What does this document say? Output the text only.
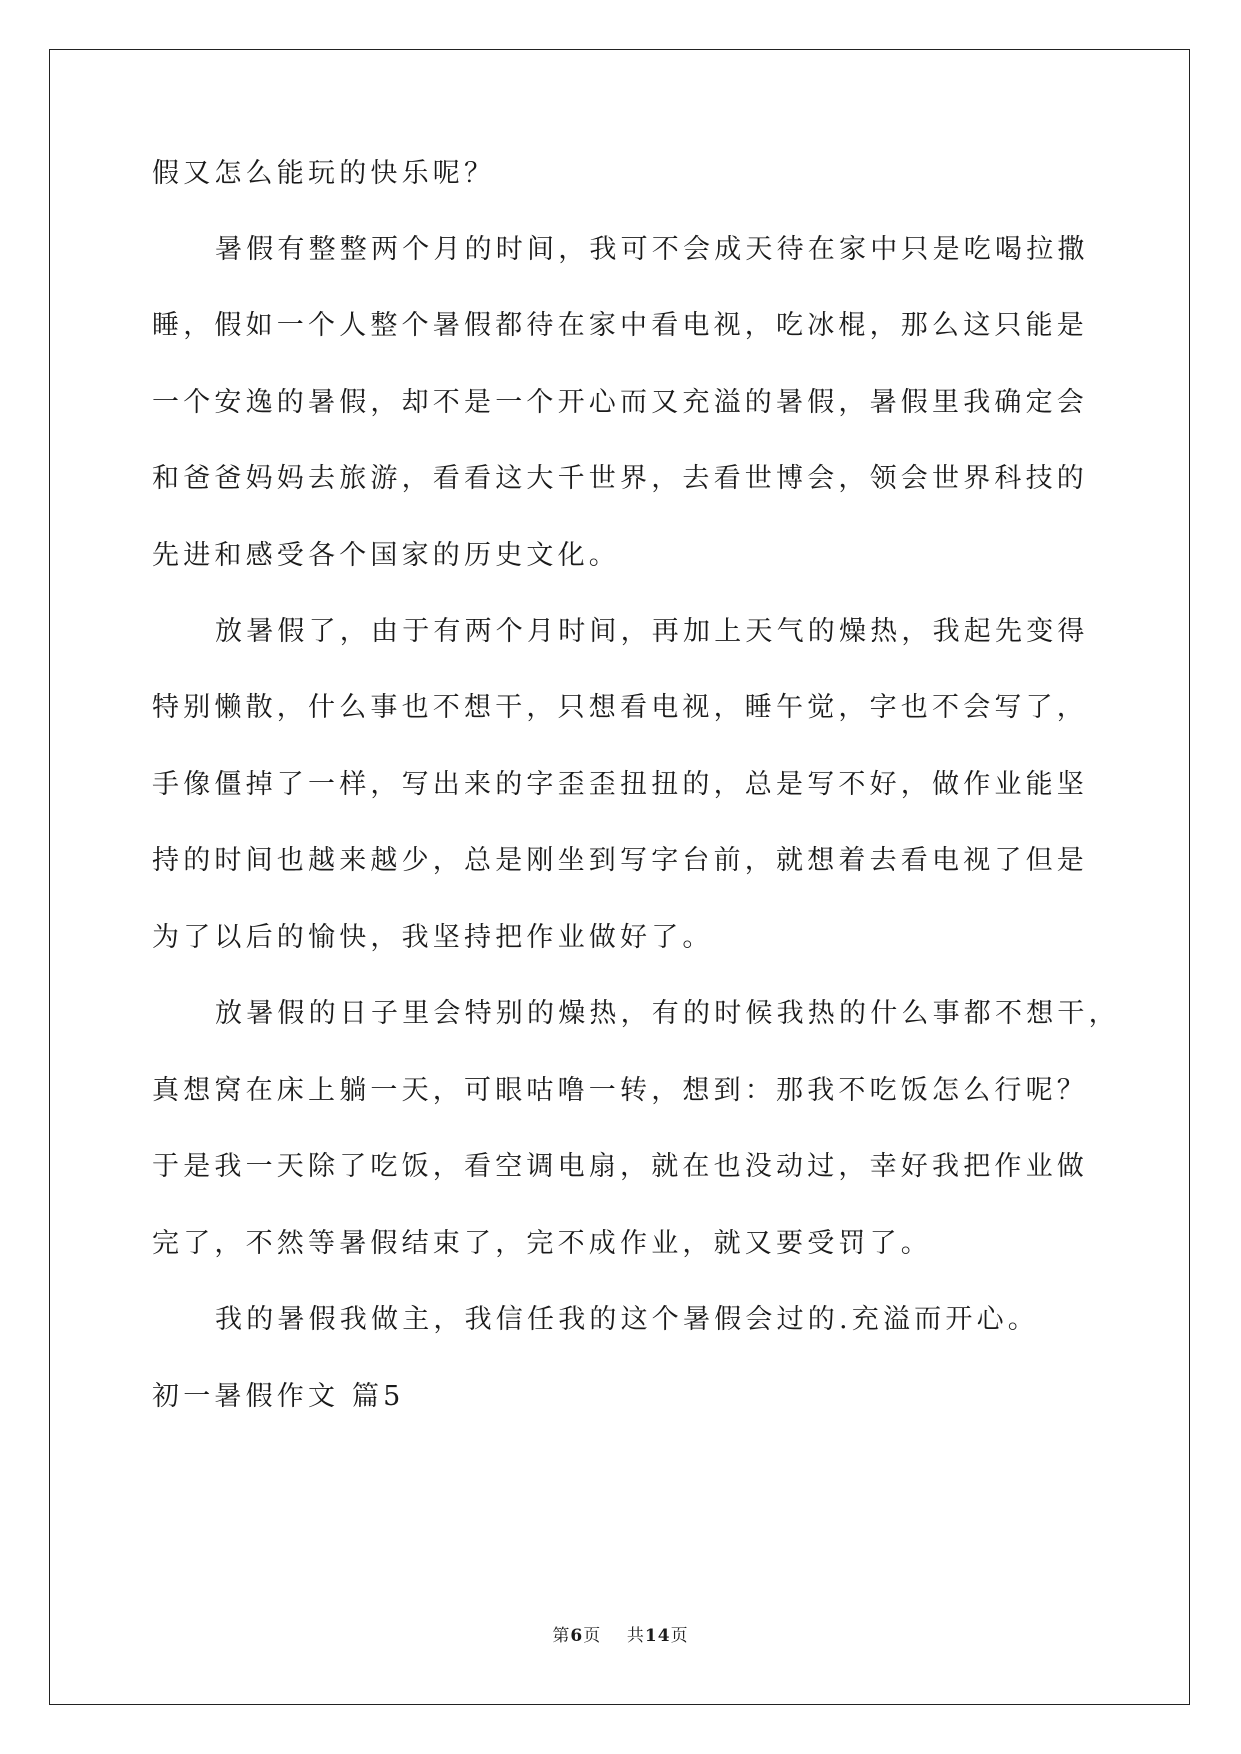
假又怎么能玩的快乐呢？

暑假有整整两个月的时间，我可不会成天待在家中只是吃喝拉撒

睡，假如一个人整个暑假都待在家中看电视，吃冰棍，那么这只能是

一个安逸的暑假，却不是一个开心而又充溢的暑假，暑假里我确定会

和爸爸妈妈去旅游，看看这大千世界，去看世博会，领会世界科技的

先进和感受各个国家的历史文化。

放暑假了，由于有两个月时间，再加上天气的燥热，我起先变得

特别懒散，什么事也不想干，只想看电视，睡午觉，字也不会写了，

手像僵掉了一样，写出来的字歪歪扭扭的，总是写不好，做作业能坚

持的时间也越来越少，总是刚坐到写字台前，就想着去看电视了但是

为了以后的愉快，我坚持把作业做好了。

放暑假的日子里会特别的燥热，有的时候我热的什么事都不想干，

真想窝在床上躺一天，可眼咕噜一转，想到：那我不吃饭怎么行呢？

于是我一天除了吃饭，看空调电扇，就在也没动过，幸好我把作业做

完了，不然等暑假结束了，完不成作业，就又要受罚了。

我的暑假我做主，我信任我的这个暑假会过的.充溢而开心。

初一暑假作文 篇5

第6页 共14页
